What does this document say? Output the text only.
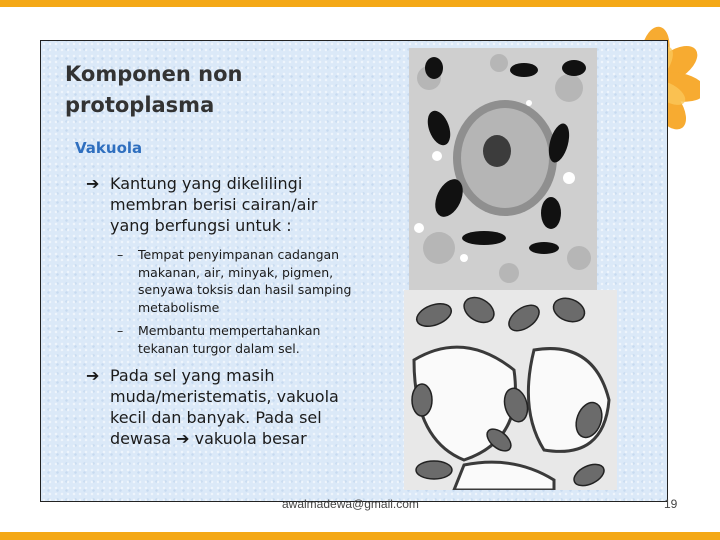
Komponen non protoplasma
Vakuola
➔ Kantung yang dikelilingi membran berisi cairan/air yang berfungsi untuk :
–	Tempat penyimpanan cadangan makanan, air, minyak, pigmen, senyawa toksis dan hasil samping metabolisme
–	Membantu mempertahankan tekanan turgor dalam sel.
➔ Pada sel yang masih muda/meristematis, vakuola kecil dan banyak. Pada sel dewasa ➔ vakuola besar
awalmadewa@gmail.com	19
